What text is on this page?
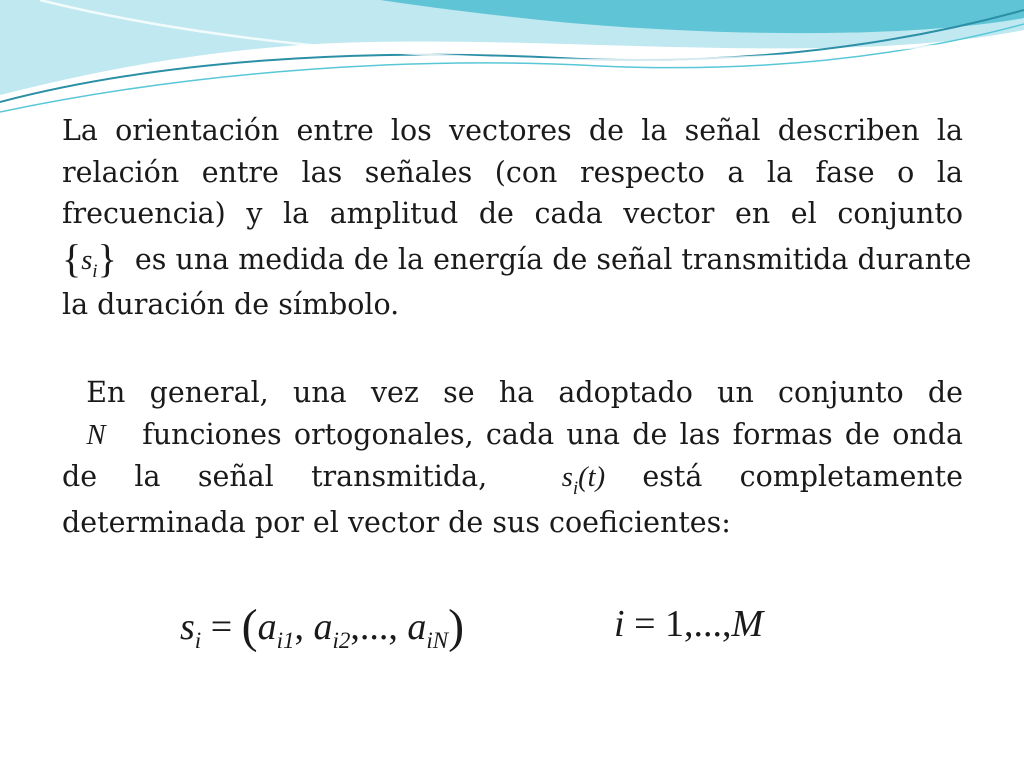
La orientación entre los vectores de la señal describen la
relación entre las señales (con respecto a la fase o la
frecuencia) y la amplitud de cada vector en el conjunto
$\{s_i\}$ es una medida de la energía de señal transmitida durante
la duración de símbolo.
En general, una vez se ha adoptado un conjunto de
N funciones ortogonales, cada una de las formas de onda
de la señal transmitida,	$s_i(t)$ está completamente
determinada por el vector de sus coeficientes:
$s_i = (a_{i1}$, $a_{i2}$,..., $a_{iN}$)	i = 1,...,M
